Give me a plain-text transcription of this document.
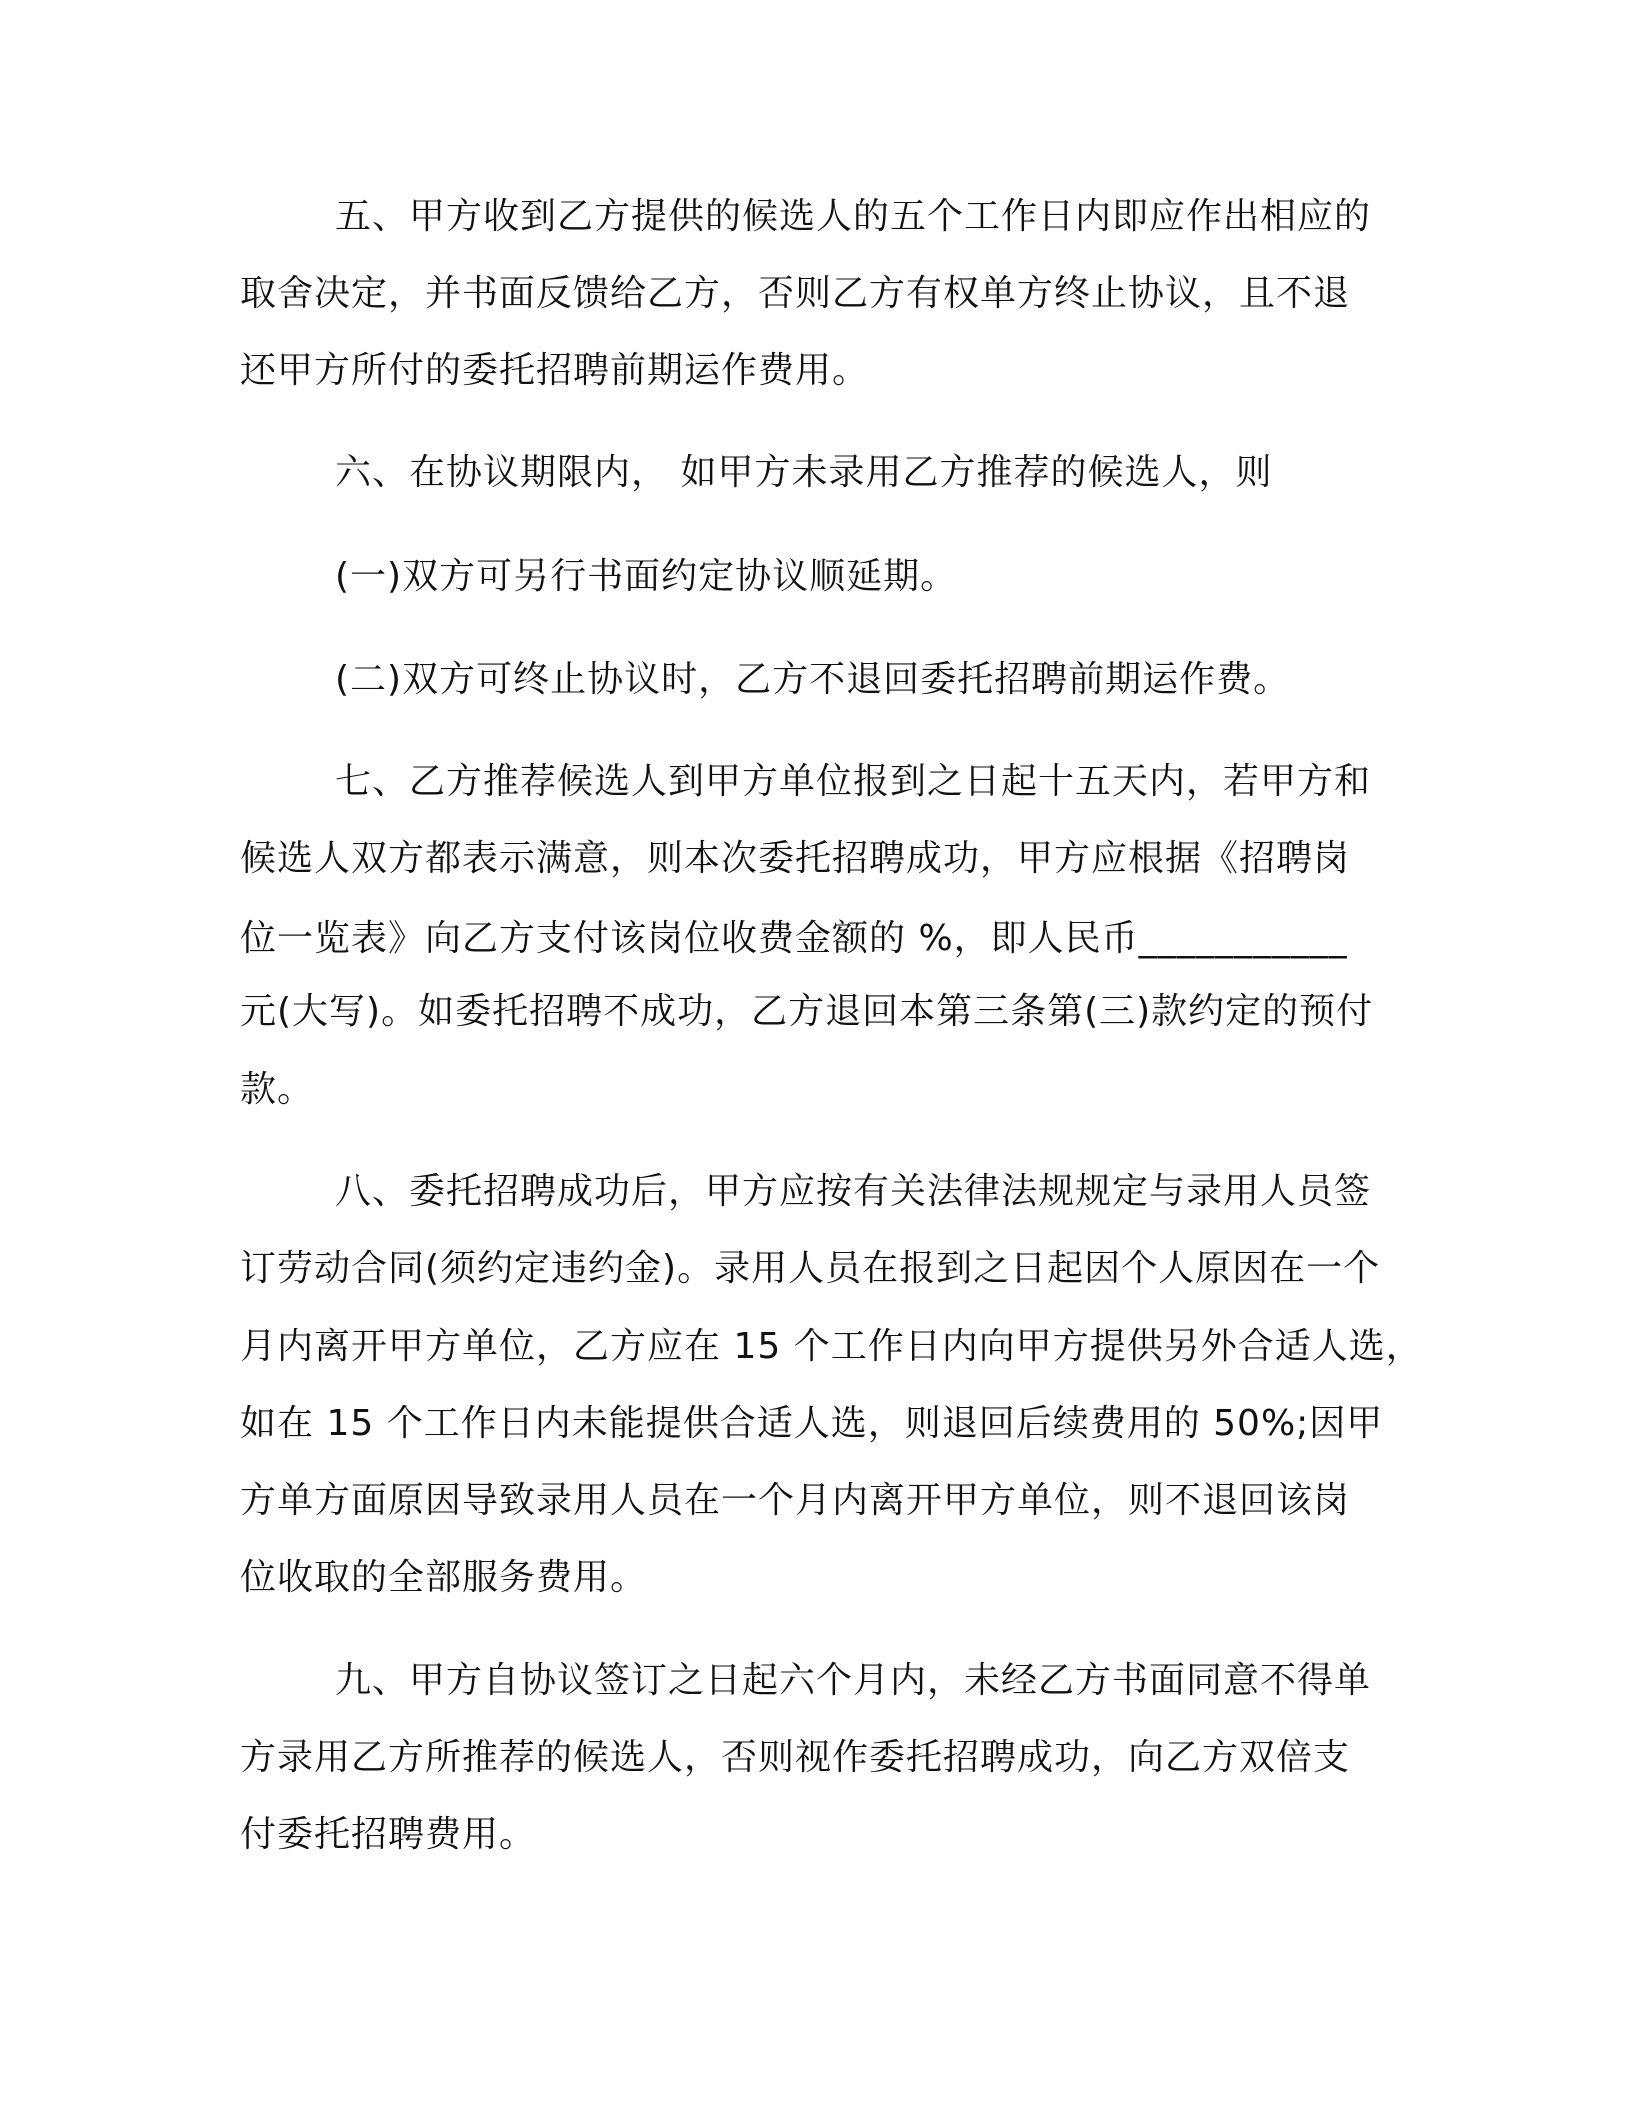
五、甲方收到乙方提供的候选人的五个工作日内即应作出相应的
取舍决定，并书面反馈给乙方，否则乙方有权单方终止协议，且不退
还甲方所付的委托招聘前期运作费用。
六、在协议期限内， 如甲方未录用乙方推荐的候选人，则
(一)双方可另行书面约定协议顺延期。
(二)双方可终止协议时，乙方不退回委托招聘前期运作费。
七、乙方推荐候选人到甲方单位报到之日起十五天内，若甲方和
候选人双方都表示满意，则本次委托招聘成功，甲方应根据《招聘岗
位一览表》向乙方支付该岗位收费金额的 %，即人民币___________
元(大写)。如委托招聘不成功，乙方退回本第三条第(三)款约定的预付
款。
八、委托招聘成功后，甲方应按有关法律法规规定与录用人员签
订劳动合同(须约定违约金)。录用人员在报到之日起因个人原因在一个
月内离开甲方单位，乙方应在 15 个工作日内向甲方提供另外合适人选，
如在 15 个工作日内未能提供合适人选，则退回后续费用的 50%;因甲
方单方面原因导致录用人员在一个月内离开甲方单位，则不退回该岗
位收取的全部服务费用。
九、甲方自协议签订之日起六个月内，未经乙方书面同意不得单
方录用乙方所推荐的候选人，否则视作委托招聘成功，向乙方双倍支
付委托招聘费用。
